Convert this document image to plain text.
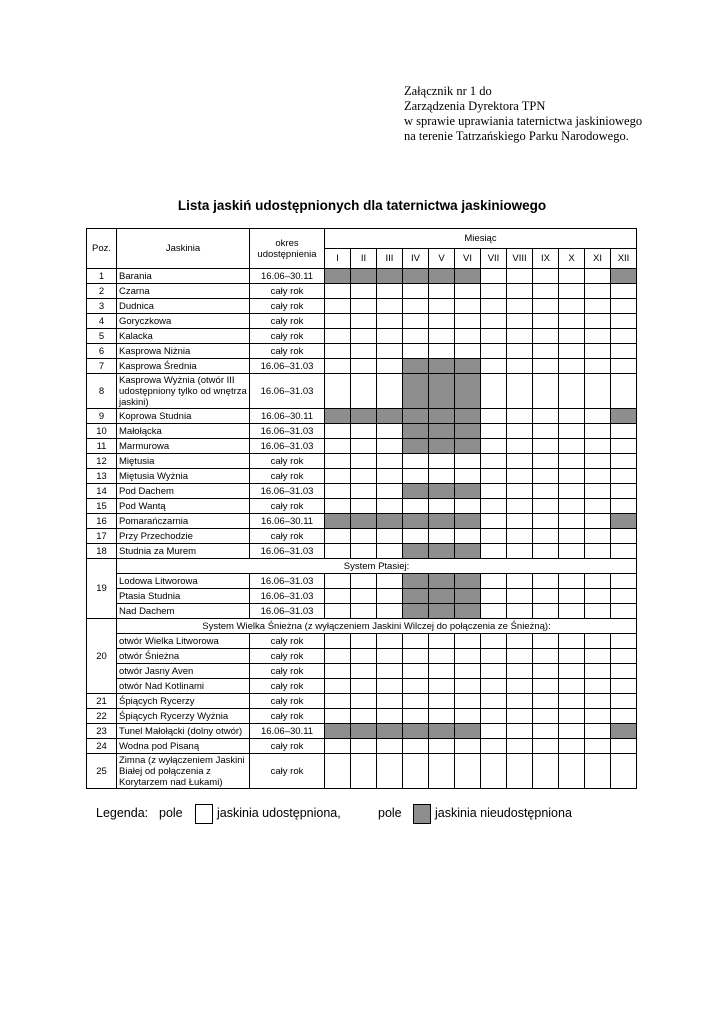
Załącznik nr 1 do
Zarządzenia Dyrektora TPN
w sprawie uprawiania taternictwa jaskiniowego
na terenie Tatrzańskiego Parku Narodowego.
Lista jaskiń udostępnionych dla taternictwa jaskiniowego
Poz.	Jaskinia	okres udostępnienia	Miesiąc											
			I	II	III	IV	V	VI	VII	VIII	IX	X	XI	XII
1	Barania	16.06–30.11												
2	Czarna	cały rok												
3	Dudnica	cały rok												
4	Goryczkowa	cały rok												
5	Kalacka	cały rok												
6	Kasprowa Niżnia	cały rok												
7	Kasprowa Średnia	16.06–31.03												
8	Kasprowa Wyżnia (otwór III udostępniony tylko od wnętrza jaskini)	16.06–31.03												
9	Koprowa Studnia	16.06–30.11												
10	Małołącka	16.06–31.03												
11	Marmurowa	16.06–31.03												
12	Miętusia	cały rok												
13	Miętusia Wyżnia	cały rok												
14	Pod Dachem	16.06–31.03												
15	Pod Wantą	cały rok												
16	Pomarańczarnia	16.06–30.11												
17	Przy Przechodzie	cały rok												
18	Studnia za Murem	16.06–31.03												
19	System Ptasiej:													
	Lodowa Litworowa	16.06–31.03												
	Ptasia Studnia	16.06–31.03												
	Nad Dachem	16.06–31.03												
20	System Wielka Śnieżna (z wyłączeniem Jaskini Wilczej do połączenia ze Śnieżną):													
	otwór Wielka Litworowa	cały rok												
	otwór Śnieżna	cały rok												
	otwór Jasny Aven	cały rok												
	otwór Nad Kotlinami	cały rok												
21	Śpiących Rycerzy	cały rok												
22	Śpiących Rycerzy Wyżnia	cały rok												
23	Tunel Małołącki (dolny otwór)	16.06–30.11												
24	Wodna pod Pisaną	cały rok												
25	Zimna (z wyłączeniem Jaskini Białej od połączenia z Korytarzem nad Łukami)	cały rok												
Legenda: pole	jaskinia udostępniona,	pole	jaskinia nieudostępniona
